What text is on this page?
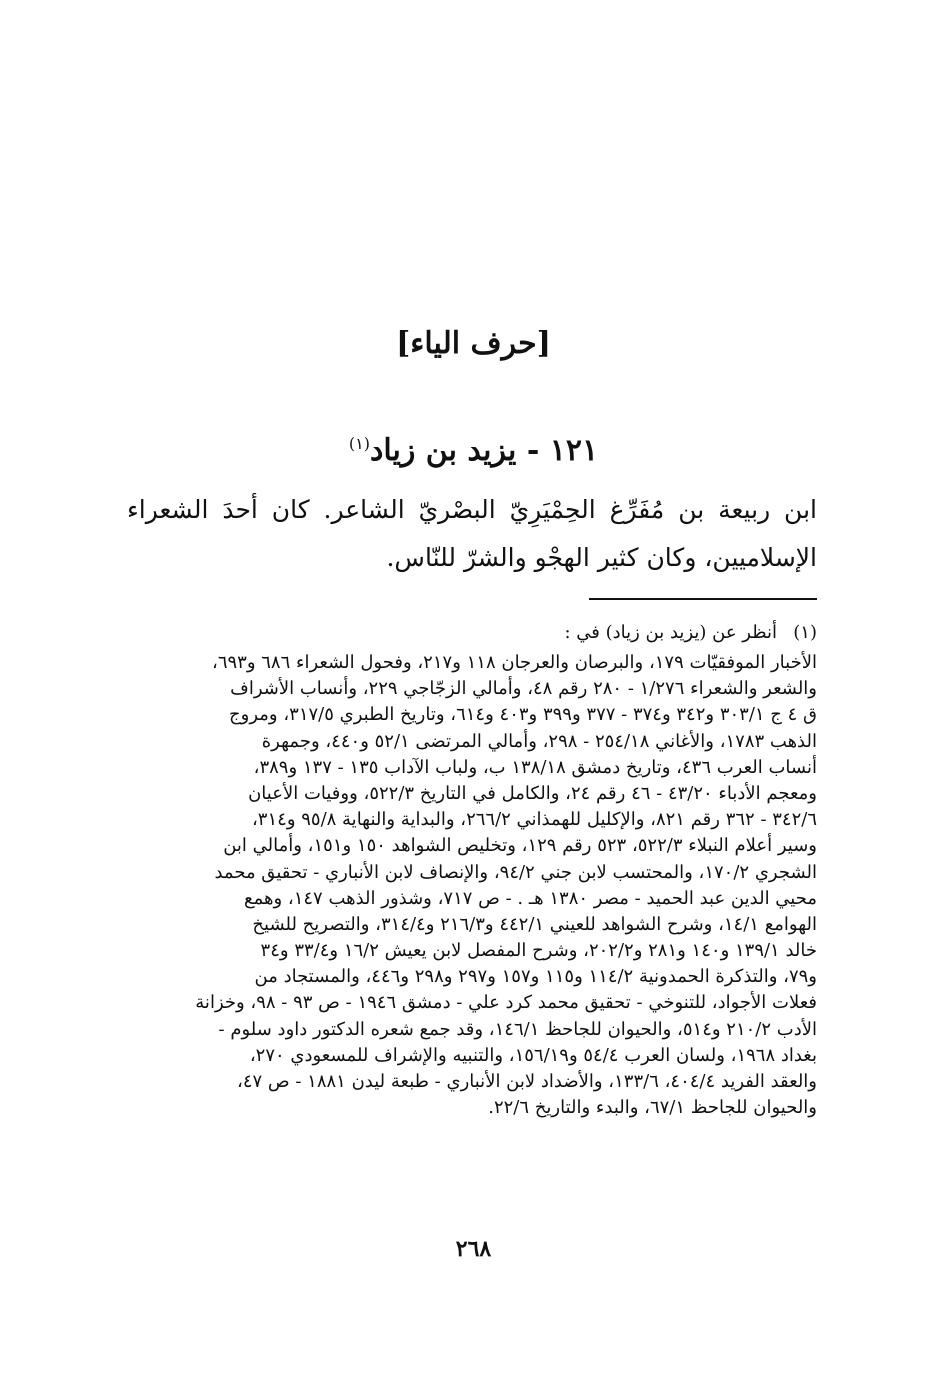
[حرف الياء]
١٢١ - يزيد بن زياد$^{(١)}$

ابن ربيعة بن مُفَرِّغ الحِمْيَرِيّ البصْريّ الشاعر. كان أحدَ الشعراء الإسلاميين، وكان كثير الهجْو والشرّ للنّاس.

(١)أنظر عن (يزيد بن زياد) في :
الأخبار الموفقيّات ١٧٩، والبرصان والعرجان ١١٨ و٢١٧، وفحول الشعراء ٦٨٦ و٦٩٣،
والشعر والشعراء ١/٢٧٦ - ٢٨٠ رقم ٤٨، وأمالي الزجّاجي ٢٢٩، وأنساب الأشراف
ق ٤ ج ٣٠٣/١ و٣٤٢ و٣٧٤ - ٣٧٧ و٣٩٩ و٤٠٣ و٦١٤، وتاريخ الطبري ٣١٧/٥، ومروج
الذهب ١٧٨٣، والأغاني ٢٥٤/١٨ - ٢٩٨، وأمالي المرتضى ٥٢/١ و٤٤٠، وجمهرة
أنساب العرب ٤٣٦، وتاريخ دمشق ١٣٨/١٨ ب، ولباب الآداب ١٣٥ - ١٣٧ و٣٨٩،
ومعجم الأدباء ٤٣/٢٠ - ٤٦ رقم ٢٤، والكامل في التاريخ ٥٢٢/٣، ووفيات الأعيان
٣٤٢/٦ - ٣٦٢ رقم ٨٢١، والإكليل للهمذاني ٢٦٦/٢، والبداية والنهاية ٩٥/٨ و٣١٤،
وسير أعلام النبلاء ٥٢٢/٣، ٥٢٣ رقم ١٢٩، وتخليص الشواهد ١٥٠ و١٥١، وأمالي ابن
الشجري ١٧٠/٢، والمحتسب لابن جني ٩٤/٢، والإنصاف لابن الأنباري - تحقيق محمد
محيي الدين عبد الحميد - مصر ١٣٨٠ هـ . - ص ٧١٧، وشذور الذهب ١٤٧، وهمع
الهوامع ١٤/١، وشرح الشواهد للعيني ٤٤٢/١ و٢١٦/٣ و٣١٤/٤، والتصريح للشيخ
خالد ١٣٩/١ و١٤٠ و٢٨١ و٢٠٢/٢، وشرح المفصل لابن يعيش ١٦/٢ و٣٣/٤ و٣٤
و٧٩، والتذكرة الحمدونية ١١٤/٢ و١١٥ و١٥٧ و٢٩٧ و٢٩٨ و٤٤٦، والمستجاد من
فعلات الأجواد، للتنوخي - تحقيق محمد كرد علي - دمشق ١٩٤٦ - ص ٩٣ - ٩٨، وخزانة
الأدب ٢١٠/٢ و٥١٤، والحيوان للجاحظ ١٤٦/١، وقد جمع شعره الدكتور داود سلوم -
بغداد ١٩٦٨، ولسان العرب ٥٤/٤ و١٥٦/١٩، والتنبيه والإشراف للمسعودي ٢٧٠،
والعقد الفريد ٤٠٤/٤، ١٣٣/٦، والأضداد لابن الأنباري - طبعة ليدن ١٨٨١ - ص ٤٧،
والحيوان للجاحظ ٦٧/١، والبدء والتاريخ ٢٢/٦.
٢٦٨
